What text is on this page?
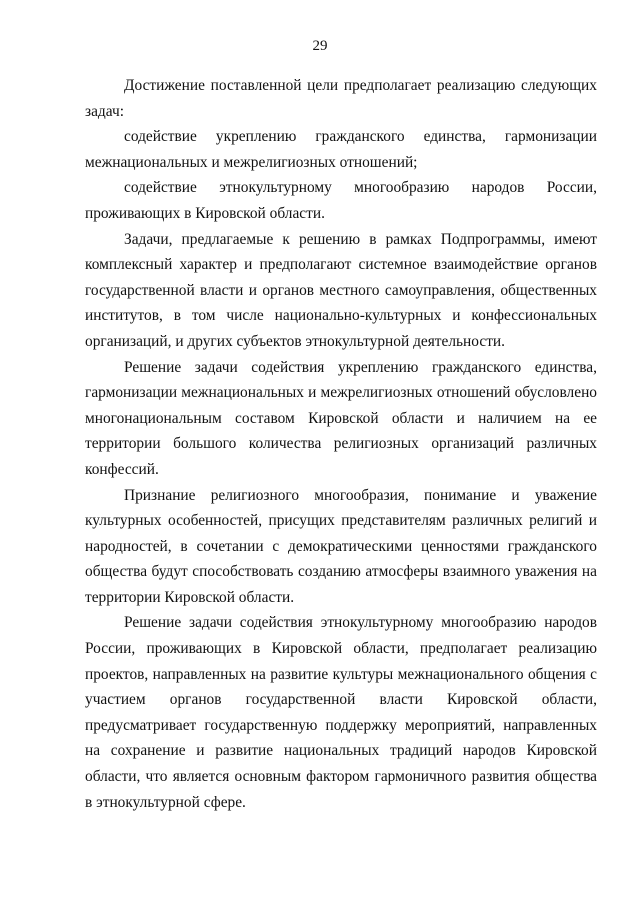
29

Достижение поставленной цели предполагает реализацию следующих задач:

содействие укреплению гражданского единства, гармонизации межнациональных и межрелигиозных отношений;

содействие этнокультурному многообразию народов России, проживающих в Кировской области.

Задачи, предлагаемые к решению в рамках Подпрограммы, имеют комплексный характер и предполагают системное взаимодействие органов государственной власти и органов местного самоуправления, общественных институтов, в том числе национально-культурных и конфессиональных организаций, и других субъектов этнокультурной деятельности.

Решение задачи содействия укреплению гражданского единства, гармонизации межнациональных и межрелигиозных отношений обусловлено многонациональным составом Кировской области и наличием на ее территории большого количества религиозных организаций различных конфессий.

Признание религиозного многообразия, понимание и уважение культурных особенностей, присущих представителям различных религий и народностей, в сочетании с демократическими ценностями гражданского общества будут способствовать созданию атмосферы взаимного уважения на территории Кировской области.

Решение задачи содействия этнокультурному многообразию народов России, проживающих в Кировской области, предполагает реализацию проектов, направленных на развитие культуры межнационального общения с участием органов государственной власти Кировской области, предусматривает государственную поддержку мероприятий, направленных на сохранение и развитие национальных традиций народов Кировской области, что является основным фактором гармоничного развития общества в этнокультурной сфере.
